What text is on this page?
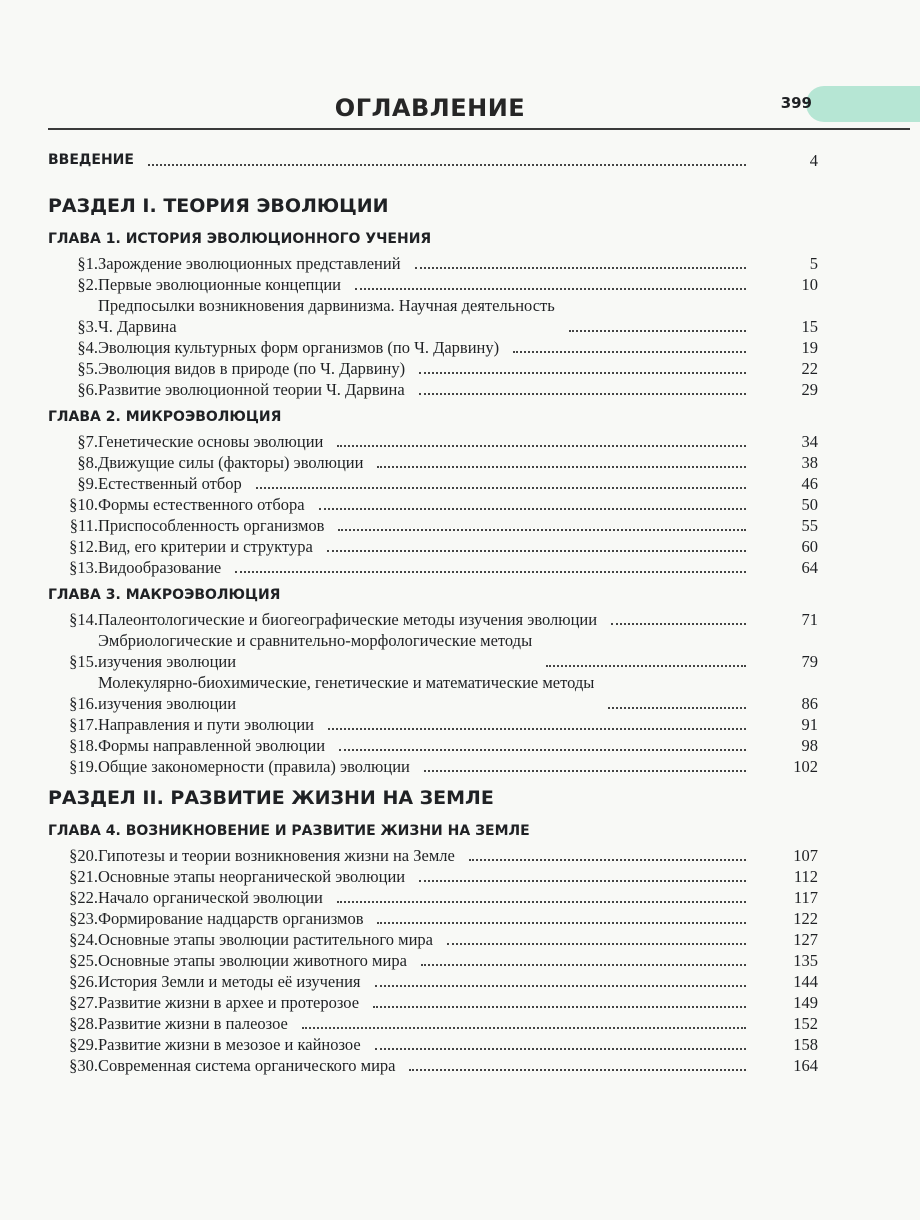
ОГЛАВЛЕНИЕ	399
ВВЕДЕНИЕ	4
РАЗДЕЛ I. ТЕОРИЯ ЭВОЛЮЦИИ
ГЛАВА 1. ИСТОРИЯ ЭВОЛЮЦИОННОГО УЧЕНИЯ
§1. Зарождение эволюционных представлений	5
§2. Первые эволюционные концепции	10
§3.
Предпосылки возникновения дарвинизма. Научная деятельность
Ч. Дарвина	15
§4. Эволюция культурных форм организмов (по Ч. Дарвину)	19
§5. Эволюция видов в природе (по Ч. Дарвину)	22
§6. Развитие эволюционной теории Ч. Дарвина	29
ГЛАВА 2. МИКРОЭВОЛЮЦИЯ
§7. Генетические основы эволюции	34
§8. Движущие силы (факторы) эволюции	38
§9. Естественный отбор	46
§10. Формы естественного отбора	50
§11. Приспособленность организмов	55
§12. Вид, его критерии и структура	60
§13. Видообразование	64
ГЛАВА 3. МАКРОЭВОЛЮЦИЯ
§14. Палеонтологические и биогеографические методы изучения эволюции	71
§15.
Эмбриологические и сравнительно-морфологические методы
изучения эволюции	79
§16.
Молекулярно-биохимические, генетические и математические методы
изучения эволюции	86
§17. Направления и пути эволюции	91
§18. Формы направленной эволюции	98
§19. Общие закономерности (правила) эволюции	102
РАЗДЕЛ II. РАЗВИТИЕ ЖИЗНИ НА ЗЕМЛЕ
ГЛАВА 4. ВОЗНИКНОВЕНИЕ И РАЗВИТИЕ ЖИЗНИ НА ЗЕМЛЕ
§20. Гипотезы и теории возникновения жизни на Земле	107
§21. Основные этапы неорганической эволюции	112
§22. Начало органической эволюции	117
§23. Формирование надцарств организмов	122
§24. Основные этапы эволюции растительного мира	127
§25. Основные этапы эволюции животного мира	135
§26. История Земли и методы её изучения	144
§27. Развитие жизни в архее и протерозое	149
§28. Развитие жизни в палеозое	152
§29. Развитие жизни в мезозое и кайнозое	158
§30. Современная система органического мира	164
